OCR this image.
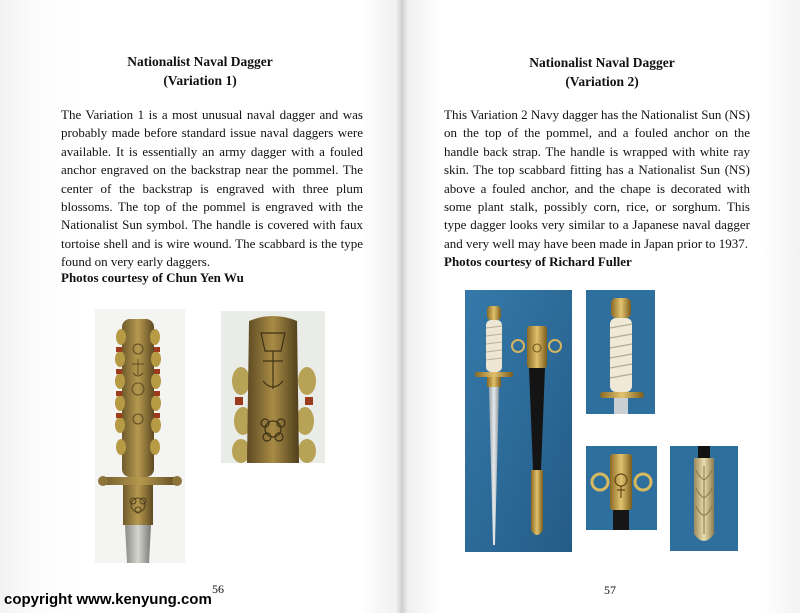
Nationalist Naval Dagger
(Variation 1)

The Variation 1 is a most unusual naval dagger and was probably made before standard issue naval daggers were available. It is essentially an army dagger with a fouled anchor engraved on the backstrap near the pommel. The center of the backstrap is engraved with three plum blossoms. The top of the pommel is engraved with the Nationalist Sun symbol. The handle is covered with faux tortoise shell and is wire wound. The scabbard is the type found on very early daggers.

Photos courtesy of Chun Yen Wu
56
Nationalist Naval Dagger
(Variation 2)

This Variation 2 Navy dagger has the Nationalist Sun (NS) on the top of the pommel, and a fouled anchor on the handle back strap. The handle is wrapped with white ray skin. The top scabbard fitting has a Nationalist Sun (NS) above a fouled anchor, and the chape is decorated with some plant stalk, possibly corn, rice, or sorghum. This type dagger looks very similar to a Japanese naval dagger and very well may have been made in Japan prior to 1937.

Photos courtesy of Richard Fuller
57
copyright www.kenyung.com
